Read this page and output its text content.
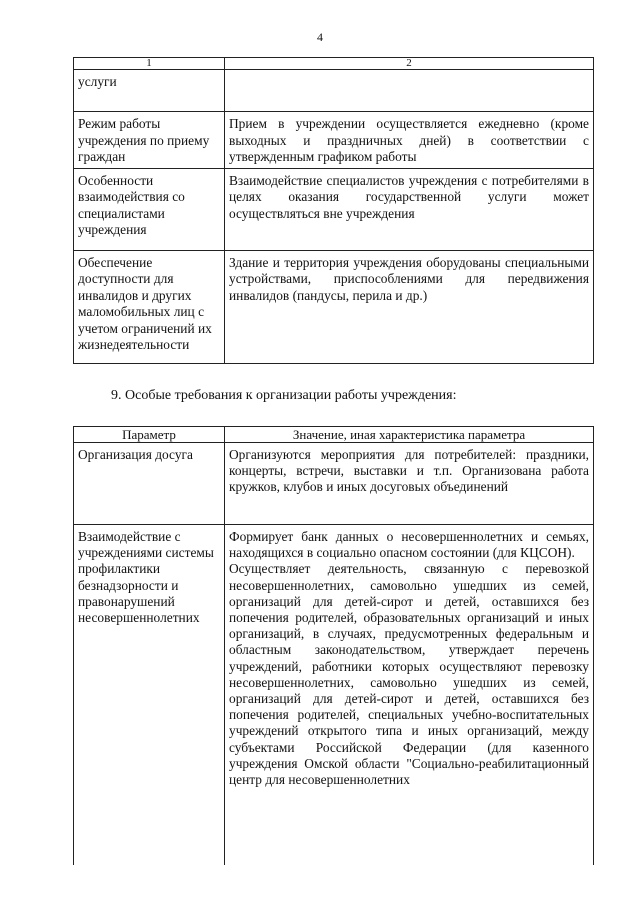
4
1	2
услуги	
Режим работы учреждения по приему граждан	Прием в учреждении осуществляется ежедневно (кроме выходных и праздничных дней) в соответствии с утвержденным графиком работы
Особенности взаимодействия со специалистами учреждения	Взаимодействие специалистов учреждения с потребителями в целях оказания государственной услуги может осуществляться вне учреждения
Обеспечение доступности для инвалидов и других маломобильных лиц с учетом ограничений их жизнедеятельности	Здание и территория учреждения оборудованы специальными устройствами, приспособлениями для передвижения инвалидов (пандусы, перила и др.)
9. Особые требования к организации работы учреждения:
Параметр	Значение, иная характеристика параметра
Организация досуга	Организуются мероприятия для потребителей: праздники, концерты, встречи, выставки и т.п. Организована работа кружков, клубов и иных досуговых объединений
Взаимодействие с учреждениями системы профилактики безнадзорности и правонарушений несовершеннолетних	Формирует банк данных о несовершеннолетних и семьях, находящихся в социально опасном состоянии (для КЦСОН).
Осуществляет деятельность, связанную с перевозкой несовершеннолетних, самовольно ушедших из семей, организаций для детей-сирот и детей, оставшихся без попечения родителей, образовательных организаций и иных организаций, в случаях, предусмотренных федеральным и областным законодательством, утверждает перечень учреждений, работники которых осуществляют перевозку несовершеннолетних, самовольно ушедших из семей, организаций для детей-сирот и детей, оставшихся без попечения родителей, специальных учебно-воспитательных учреждений открытого типа и иных организаций, между субъектами Российской Федерации (для казенного учреждения Омской области "Социально-реабилитационный центр для несовершеннолетних
